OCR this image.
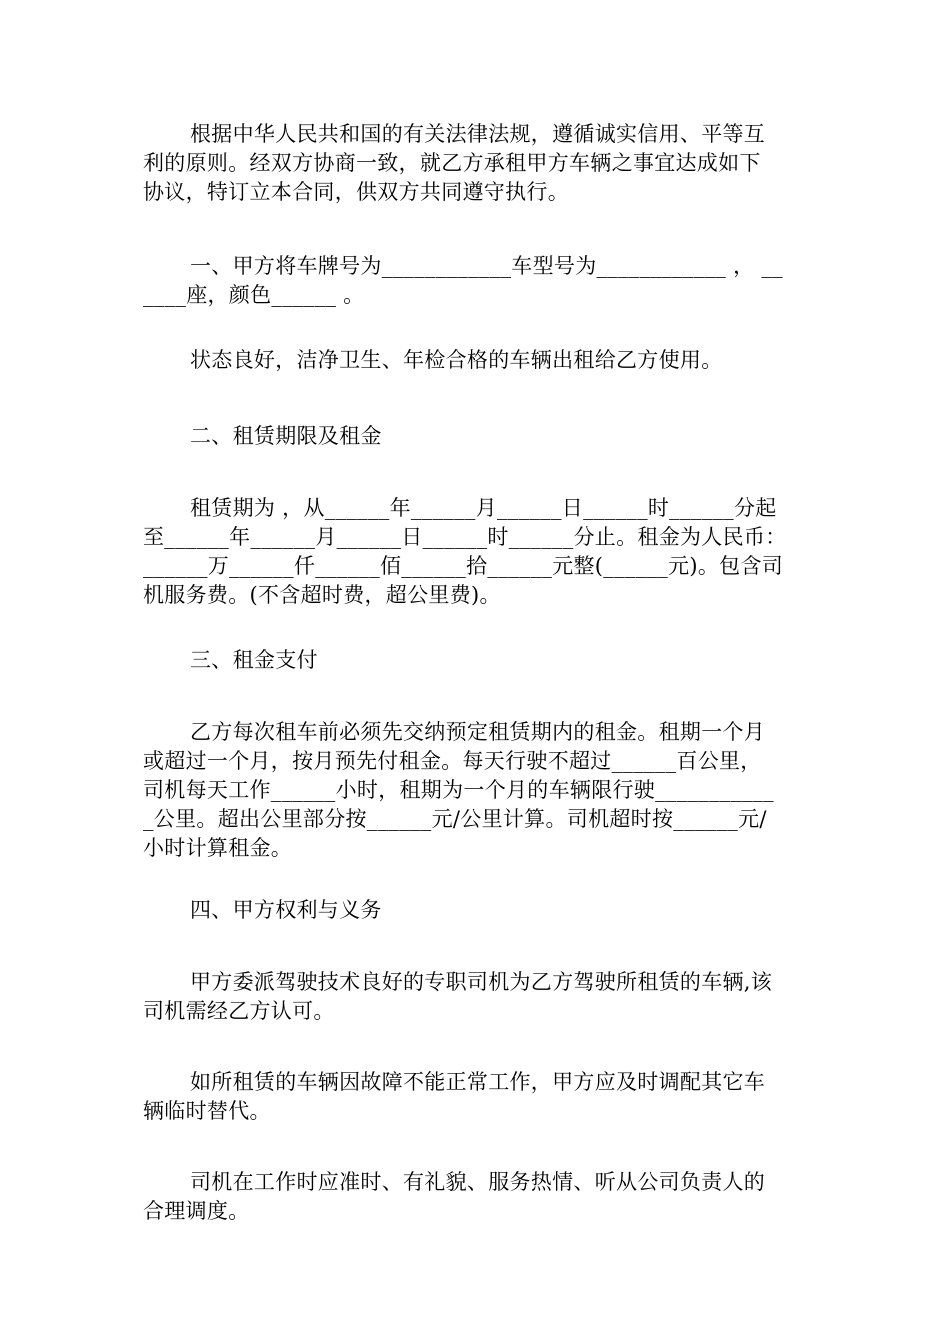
根据中华人民共和国的有关法律法规，遵循诚实信用、平等互
利的原则。经双方协商一致，就乙方承租甲方车辆之事宜达成如下
协议，特订立本合同，供双方共同遵守执行。

一、甲方将车牌号为____________车型号为____________ ， __
____座，颜色______ 。

状态良好，洁净卫生、年检合格的车辆出租给乙方使用。

二、租赁期限及租金

租赁期为 ，从______年______月______日______时______分起
至______年______月______日______时______分止。租金为人民币：
______万______仟______佰______拾______元整(______元)。包含司
机服务费。(不含超时费，超公里费)。

三、租金支付

乙方每次租车前必须先交纳预定租赁期内的租金。租期一个月
或超过一个月，按月预先付租金。每天行驶不超过______百公里，
司机每天工作______小时，租期为一个月的车辆限行驶___________
_公里。超出公里部分按______元/公里计算。司机超时按______元/
小时计算租金。

四、甲方权利与义务

甲方委派驾驶技术良好的专职司机为乙方驾驶所租赁的车辆,该
司机需经乙方认可。

如所租赁的车辆因故障不能正常工作，甲方应及时调配其它车
辆临时替代。

司机在工作时应准时、有礼貌、服务热情、听从公司负责人的
合理调度。
